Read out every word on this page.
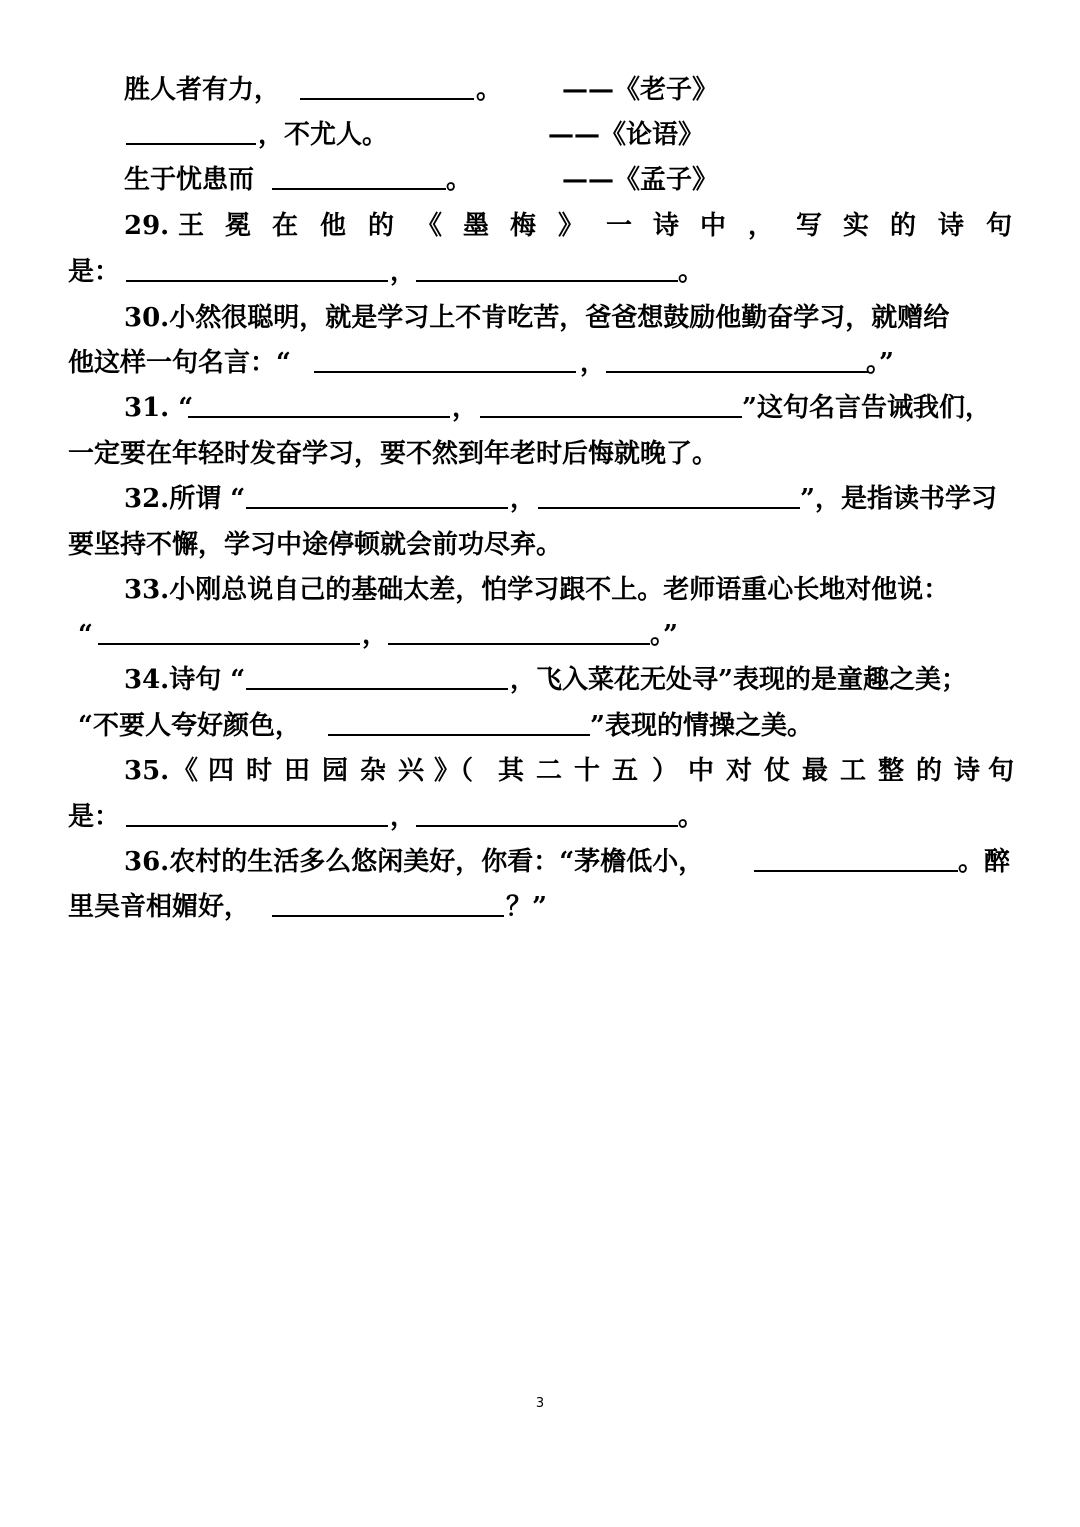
胜人者有力，	。 ——《老子》
，不尤人。	——《论语》
生于忧患而	。	——《孟子》
29. 王 冕 在 他 的 《 墨 梅 》 一 诗 中 ， 写 实 的 诗 句
是：	，	。
30.小然很聪明，就是学习上不肯吃苦，爸爸想鼓励他勤奋学习，就赠给
他这样一句名言：“	，	。”
31. “	，	”这句名言告诫我们，
一定要在年轻时发奋学习，要不然到年老时后悔就晚了。
32.所谓 “	，	”，是指读书学习
要坚持不懈，学习中途停顿就会前功尽弃。
33.小刚总说自己的基础太差，怕学习跟不上。老师语重心长地对他说：
“	，	。”
34.诗句 “	，飞入菜花无处寻”表现的是童趣之美；
“不要人夸好颜色，	”表现的情操之美。
35. 《 四 时 田 园 杂 兴 》（ 其 二 十 五 ） 中 对 仗 最 工 整 的 诗 句
是：	，	。
36.农村的生活多么悠闲美好，你看：“茅檐低小，	。醉
里吴音相媚好，	？”
3
